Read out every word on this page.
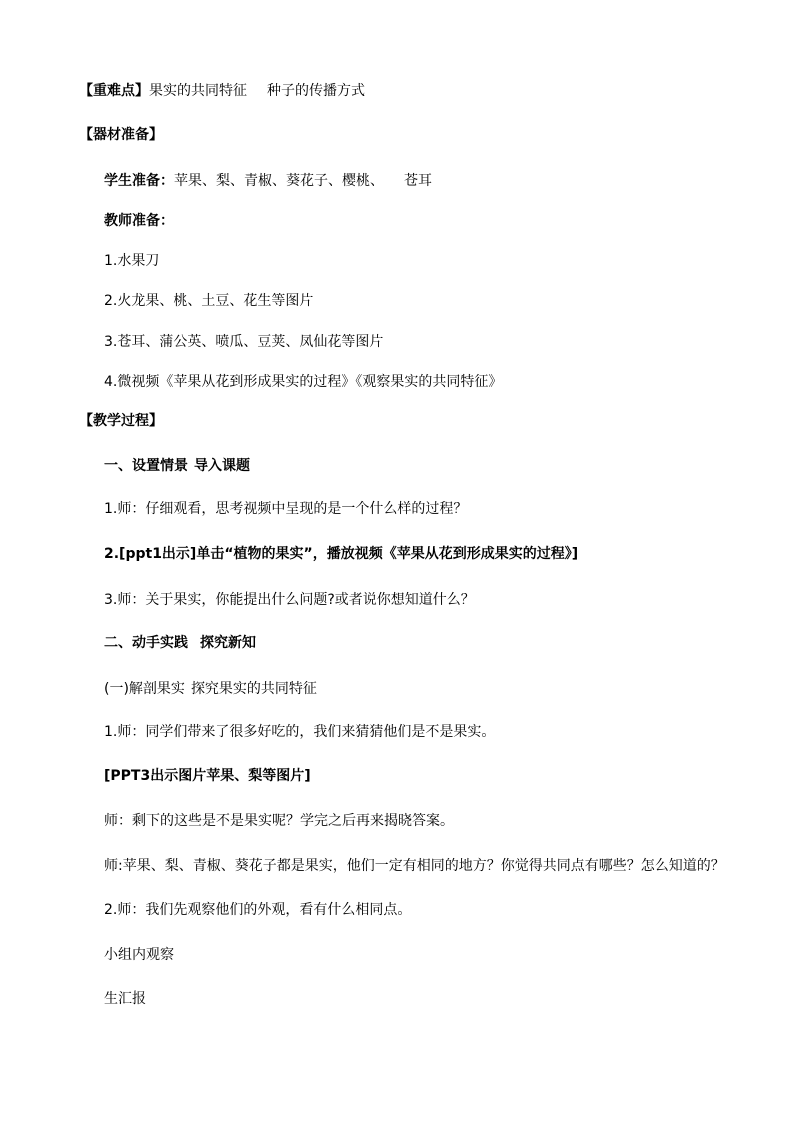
【重难点】果实的共同特征 种子的传播方式
【器材准备】
学生准备：苹果、梨、青椒、葵花子、樱桃、 苍耳
教师准备：
1.水果刀
2.火龙果、桃、土豆、花生等图片
3.苍耳、蒲公英、喷瓜、豆荚、凤仙花等图片
4.微视频《苹果从花到形成果实的过程》《观察果实的共同特征》
【教学过程】
一、设置情景 导入课题
1.师：仔细观看，思考视频中呈现的是一个什么样的过程？
2.[ppt1出示]单击“植物的果实”，播放视频《苹果从花到形成果实的过程》]
3.师：关于果实，你能提出什么问题?或者说你想知道什么？
二、动手实践 探究新知
(一)解剖果实 探究果实的共同特征
1.师：同学们带来了很多好吃的，我们来猜猜他们是不是果实。
[PPT3出示图片苹果、梨等图片]
师：剩下的这些是不是果实呢？学完之后再来揭晓答案。
师:苹果、梨、青椒、葵花子都是果实，他们一定有相同的地方？你觉得共同点有哪些？怎么知道的？
2.师：我们先观察他们的外观，看有什么相同点。
小组内观察
生汇报
